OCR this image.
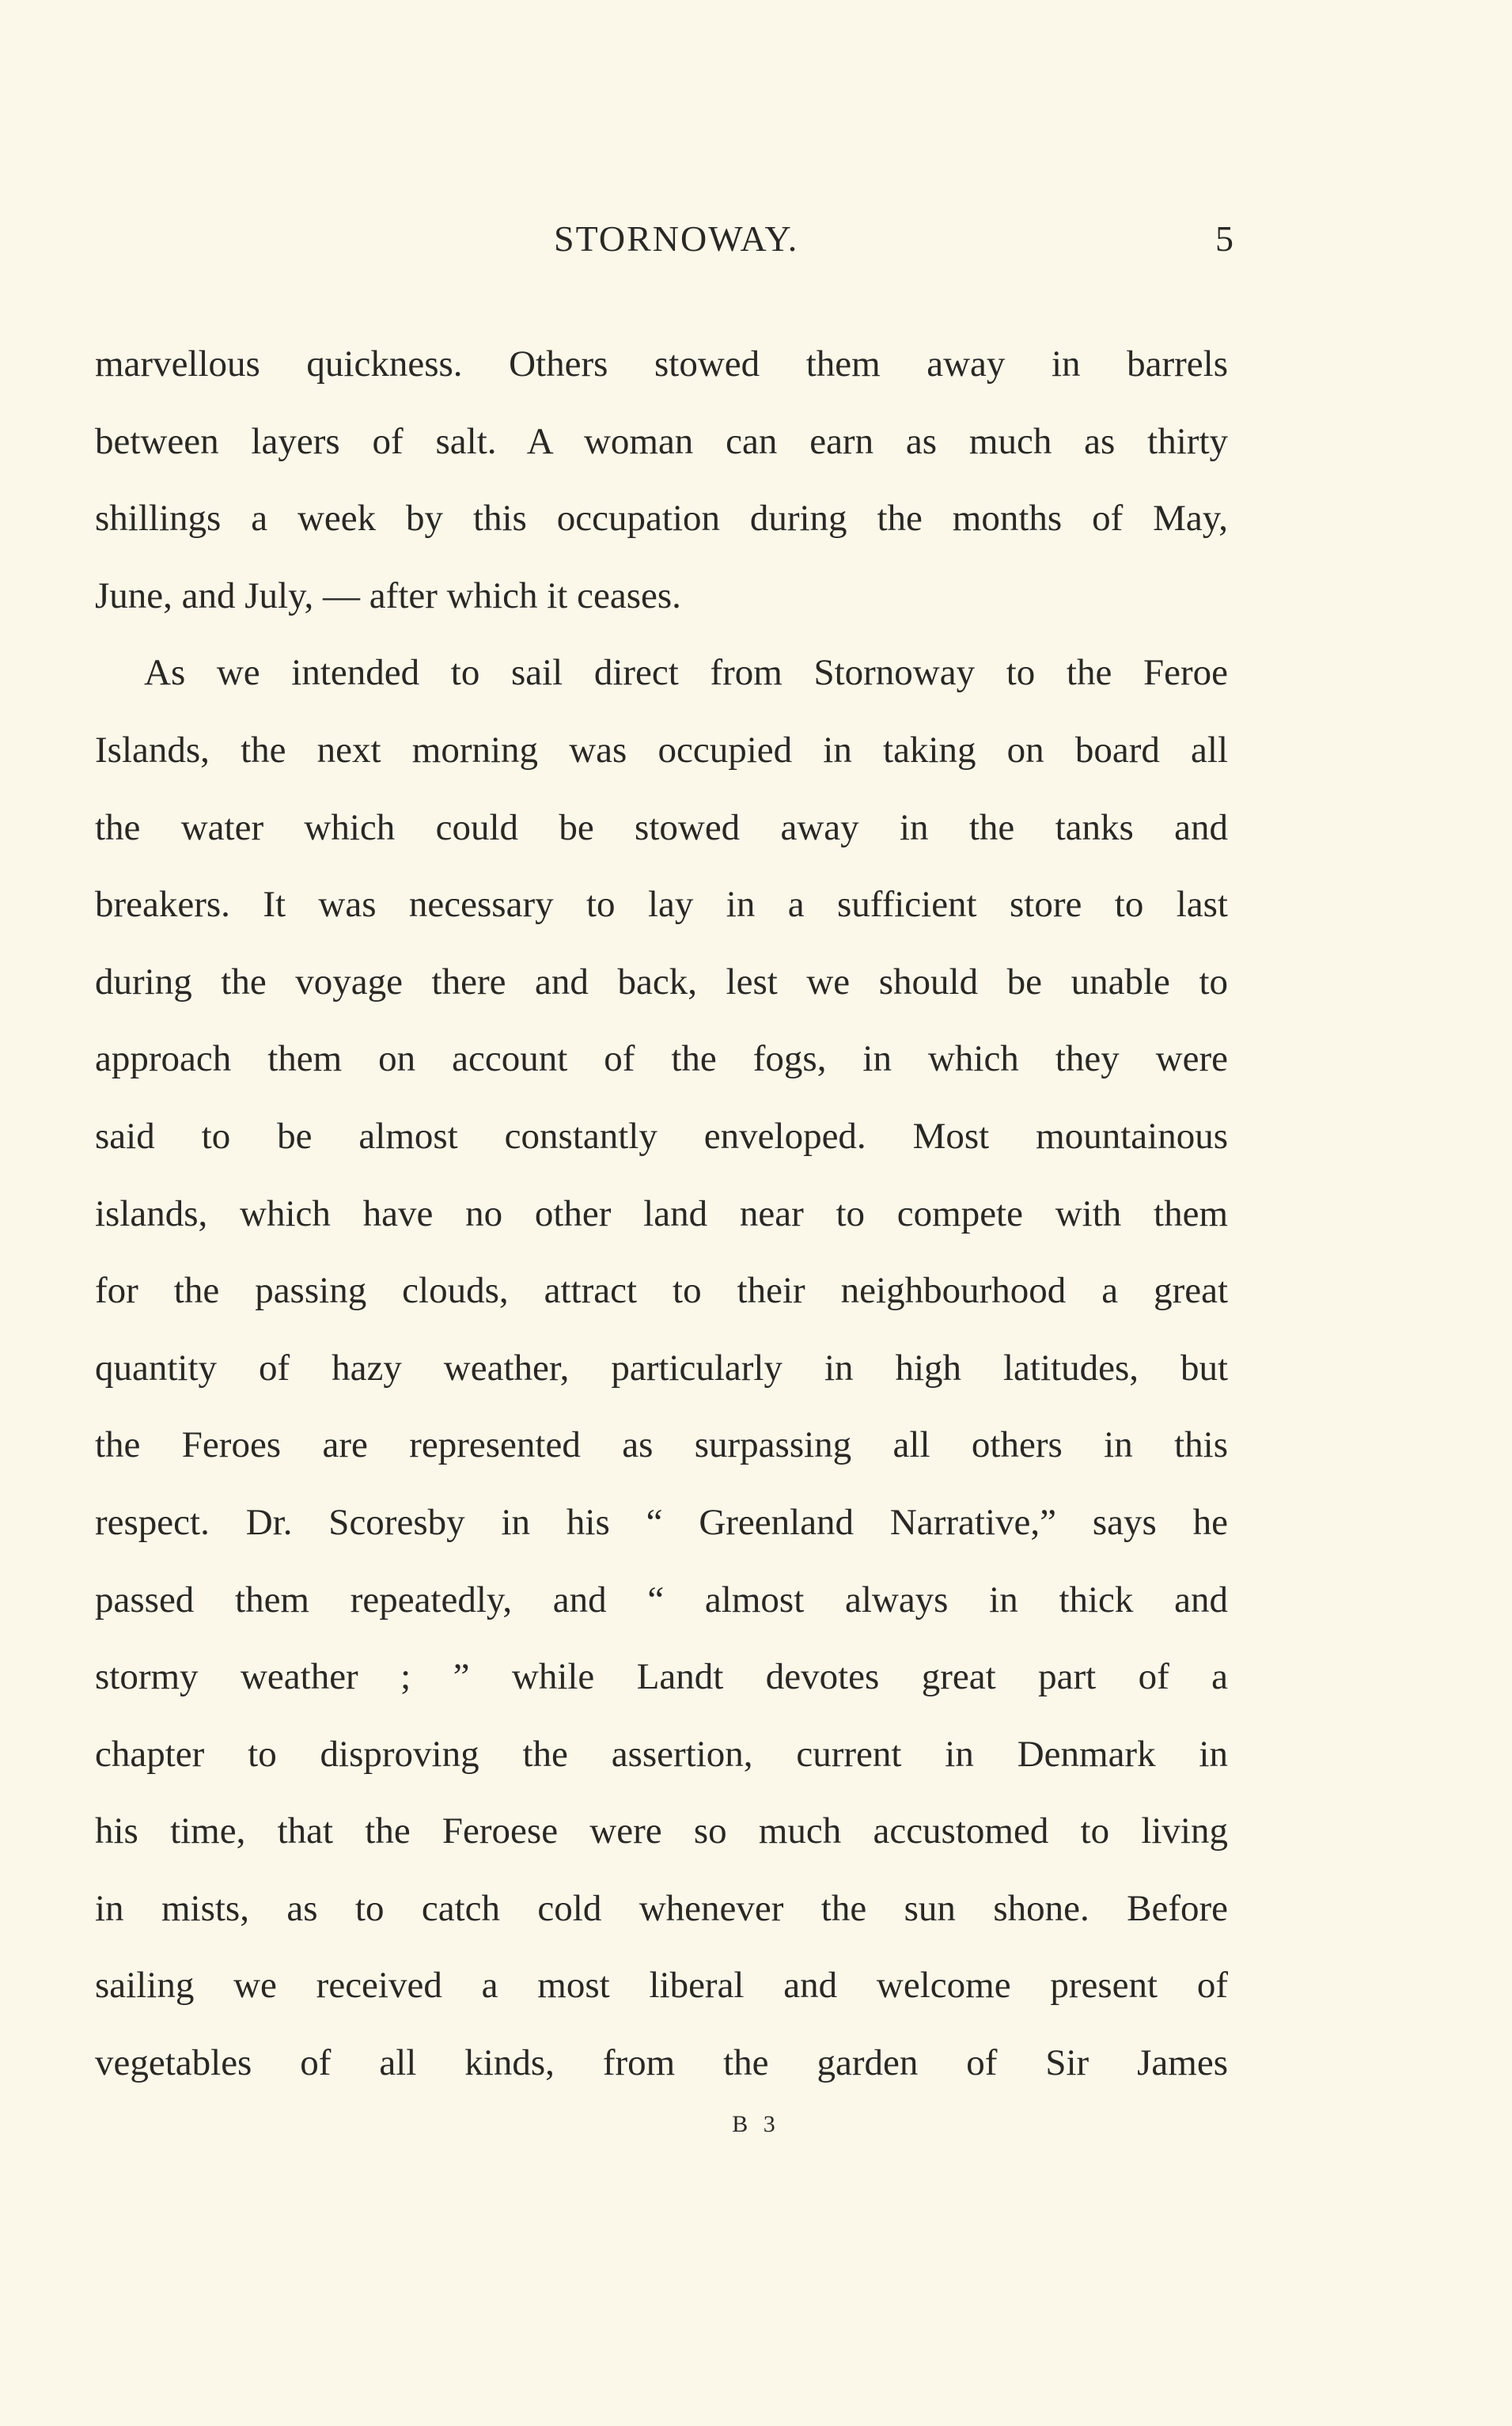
STORNOWAY.	5
marvellous quickness. Others stowed them away in barrels
between layers of salt. A woman can earn as much as thirty
shillings a week by this occupation during the months of May,
June, and July, — after which it ceases.
As we intended to sail direct from Stornoway to the Feroe
Islands, the next morning was occupied in taking on board all
the water which could be stowed away in the tanks and
breakers. It was necessary to lay in a sufficient store to last
during the voyage there and back, lest we should be unable to
approach them on account of the fogs, in which they were
said to be almost constantly enveloped. Most mountainous
islands, which have no other land near to compete with them
for the passing clouds, attract to their neighbourhood a great
quantity of hazy weather, particularly in high latitudes, but
the Feroes are represented as surpassing all others in this
respect. Dr. Scoresby in his “ Greenland Narrative,” says he
passed them repeatedly, and “ almost always in thick and
stormy weather ; ” while Landt devotes great part of a
chapter to disproving the assertion, current in Denmark in
his time, that the Feroese were so much accustomed to living
in mists, as to catch cold whenever the sun shone. Before
sailing we received a most liberal and welcome present of
vegetables of all kinds, from the garden of Sir James
B 3
